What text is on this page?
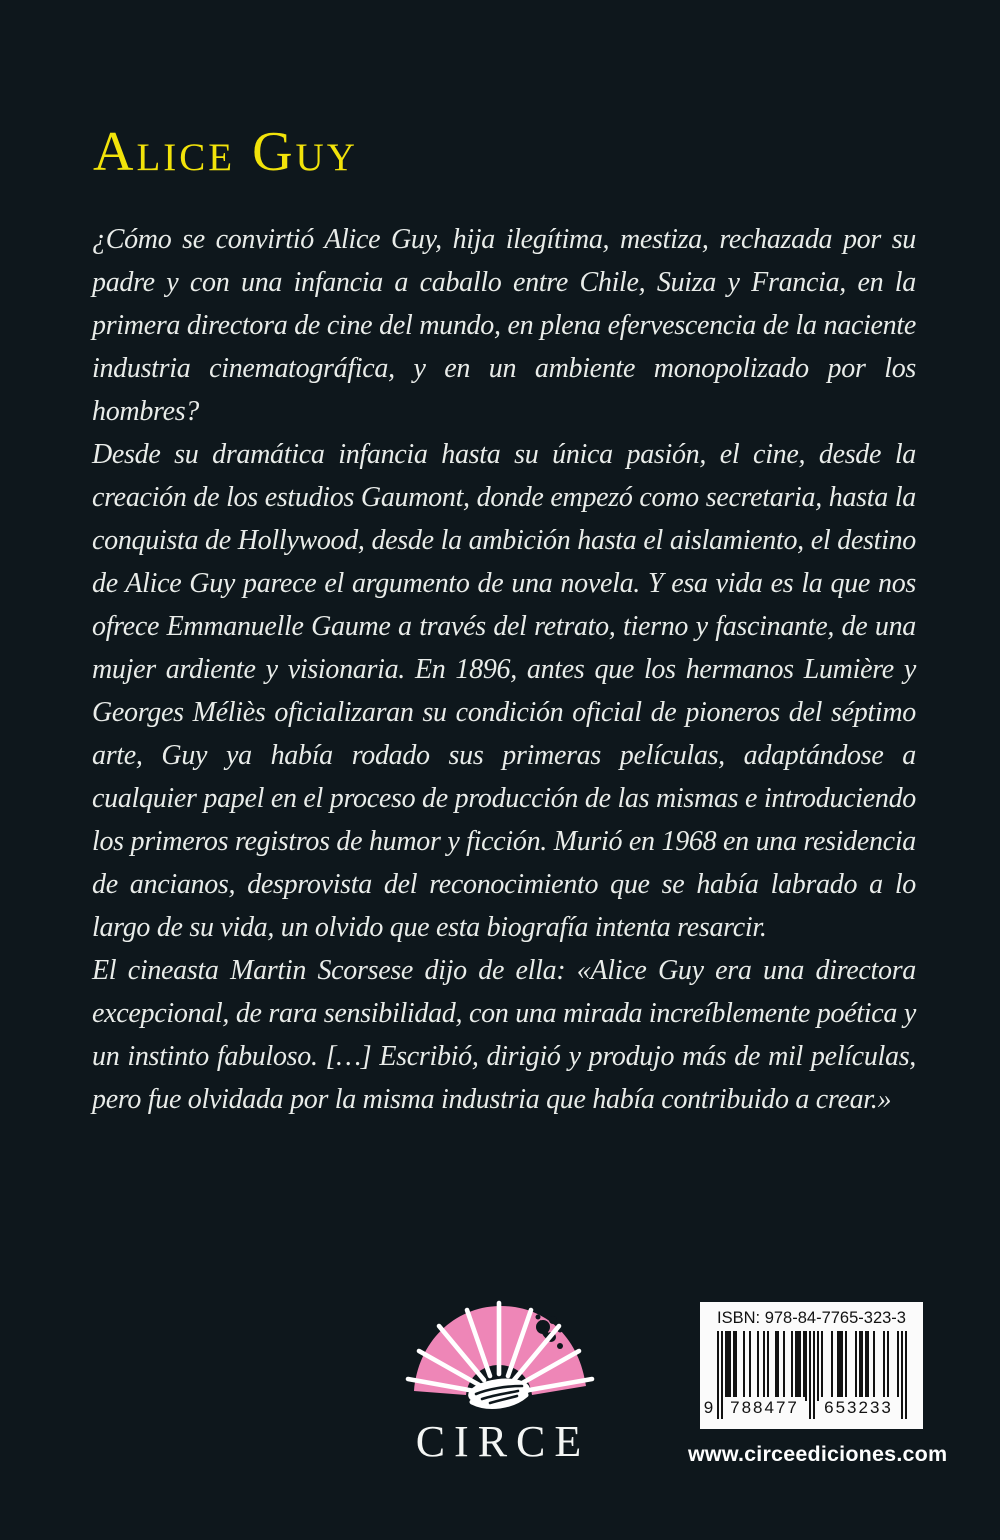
Alice Guy

¿Cómo se convirtió Alice Guy, hija ilegítima, mestiza, rechazada por su padre y con una infancia a caballo entre Chile, Suiza y Francia, en la primera directora de cine del mundo, en plena efervescencia de la naciente industria cinematográfica, y en un ambiente monopolizado por los hombres?

Desde su dramática infancia hasta su única pasión, el cine, desde la creación de los estudios Gaumont, donde empezó como secretaria, hasta la conquista de Hollywood, desde la ambición hasta el aislamiento, el destino de Alice Guy parece el argumento de una novela. Y esa vida es la que nos ofrece Emmanuelle Gaume a través del retrato, tierno y fascinante, de una mujer ardiente y visionaria. En 1896, antes que los hermanos Lumière y Georges Méliès oficializaran su condición oficial de pioneros del séptimo arte, Guy ya había rodado sus primeras películas, adaptándose a cualquier papel en el proceso de producción de las mismas e introduciendo los primeros registros de humor y ficción. Murió en 1968 en una residencia de ancianos, desprovista del reconocimiento que se había labrado a lo largo de su vida, un olvido que esta biografía intenta resarcir.

El cineasta Martin Scorsese dijo de ella: «Alice Guy era una directora excepcional, de rara sensibilidad, con una mirada increíblemente poética y un instinto fabuloso. […] Escribió, dirigió y produjo más de mil películas, pero fue olvidada por la misma industria que había contribuido a crear.»

CIRCE
ISBN: 978-84-7765-323-3
9 788477	653233
www.circeediciones.com
